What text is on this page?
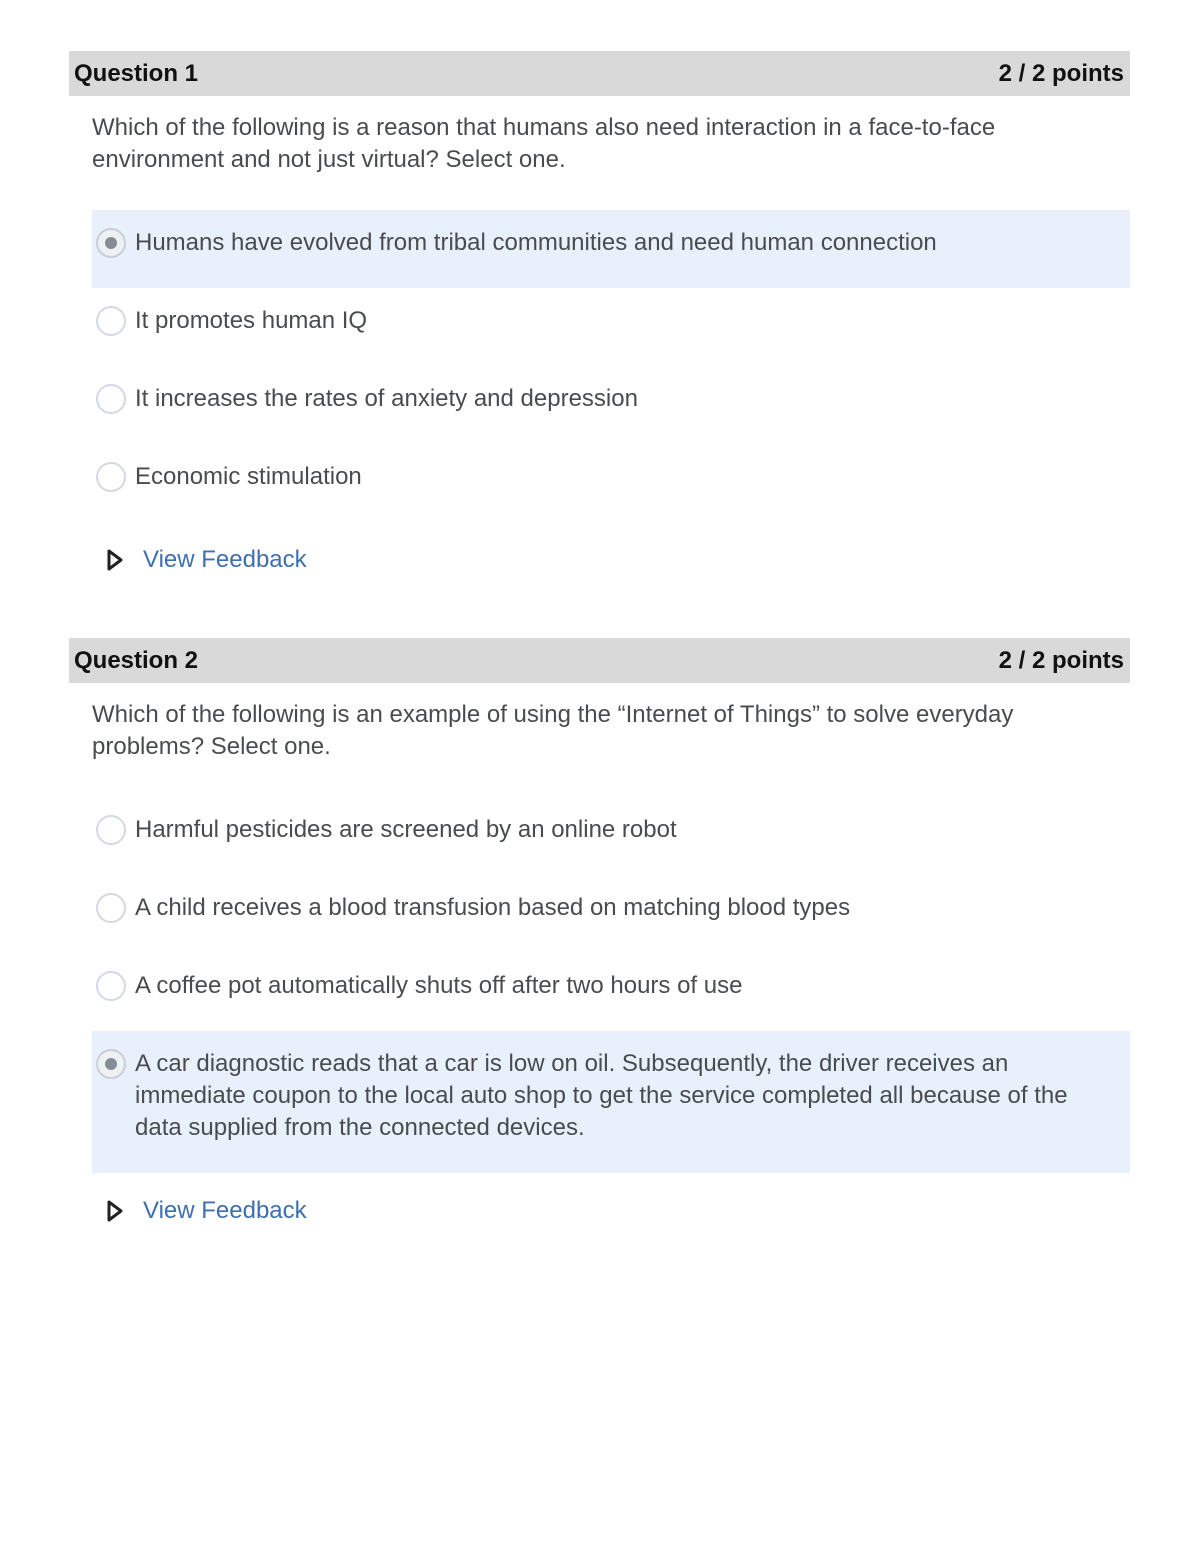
Question 1	2 / 2 points
Which of the following is a reason that humans also need interaction in a face-to-face environment and not just virtual? Select one.
Humans have evolved from tribal communities and need human connection
It promotes human IQ
It increases the rates of anxiety and depression
Economic stimulation
View Feedback
Question 2	2 / 2 points
Which of the following is an example of using the “Internet of Things” to solve everyday problems? Select one.
Harmful pesticides are screened by an online robot
A child receives a blood transfusion based on matching blood types
A coffee pot automatically shuts off after two hours of use
A car diagnostic reads that a car is low on oil. Subsequently, the driver receives an immediate coupon to the local auto shop to get the service completed all because of the data supplied from the connected devices.
View Feedback
